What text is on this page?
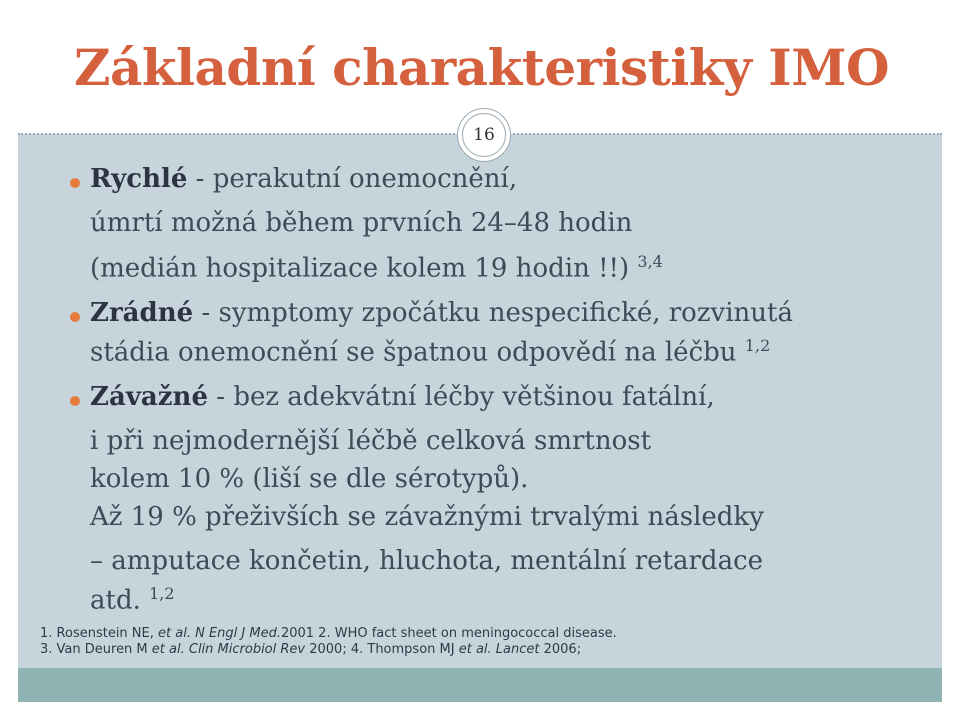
Základní charakteristiky IMO
16
Rychlé - perakutní onemocnění,
úmrtí možná během prvních 24–48 hodin
(medián hospitalizace kolem 19 hodin !!) $^{3,4}$
Zrádné - symptomy zpočátku nespecifické, rozvinutá
stádia onemocnění se špatnou odpovědí na léčbu $^{1,2}$
Závažné - bez adekvátní léčby většinou fatální,
i při nejmodernější léčbě celková smrtnost
kolem 10 % (liší se dle sérotypů).
Až 19 % přeživších se závažnými trvalými následky
– amputace končetin, hluchota, mentální retardace
atd. $^{1,2}$
1. Rosenstein NE, et al. N Engl J Med.2001 2. WHO fact sheet on meningococcal disease.
3. Van Deuren M et al. Clin Microbiol Rev 2000; 4. Thompson MJ et al. Lancet 2006;
